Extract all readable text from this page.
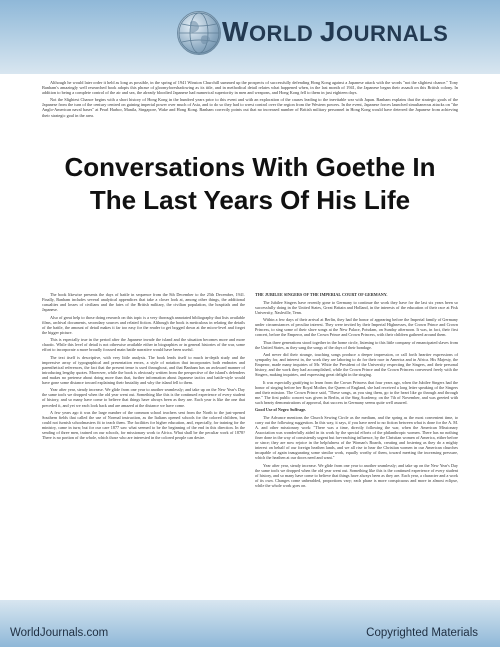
WORLD JOURNALS

Although he would later order it held as long as possible, in the spring of 1941 Winston Churchill summed up the prospects of successfully defending Hong Kong against a Japanese attack with the words "not the slightest chance." Tony Banham's amazingly well researched book adopts this phrase of gloomyforeshadowing as its title, and in methodical detail relates what happened when, in the last month of 1941, the Japanese began their assault on this British colony. In addition to being a complete control of the air and sea, the already bloodied Japanese had numerical superiority in men and weapons, and Hong Kong fell to them in just eighteen days.

Not the Slightest Chance begins with a short history of Hong Kong in the hundred years prior to this event and with an exploration of the causes leading to the inevitable war with Japan. Banham explains that the strategic goals of the Japanese from the turn of the century centred on gaining imperial power over much of Asia, and to do so they had to wrest control over the region from the Western powers. In the event, Japanese forces launched simultaneous attacks on "the Anglo-American naval bases" at Pearl Harbor, Manila, Singapore, Wake and Hong Kong. Banham correctly points out that no increased number of British military personnel in Hong Kong would have deterred the Japanese from achieving their strategic goal in the area.

Conversations With Goethe In
The Last Years Of His Life

The book likewise presents the days of battle in sequence from the 8th December to the 25th December, 1941. Finally, Banham includes several analytical appendices that take a closer look at, among other things, the additional casualties and losses of civilians and the fates of the British military, the civilian population, the hospitals and the Japanese.

Also of great help to those doing research on this topic is a very thorough annotated bibliography that lists available films, archival documents, secondary sources and related fiction. Although the book is meticulous in relating the details of the battle, the amount of detail makes it far too easy for the reader to get bogged down at the micro-level and forget the bigger picture.

This is especially true in the period after the Japanese invade the island and the situation becomes more and more chaotic. While this level of detail is not otherwise available either in biographies or in general histories of the war, some effort to incorporate a more broadly focused main battle narrative would have been useful.

The text itself is descriptive, with very little analysis. The book lends itself to much in-depth study and the impressive array of typographical and presentation errors, a style of notation that incorporates both endnotes and parenthetical references, the fact that the present tense is used throughout, and that Banham has an awkward manner of introducing lengthy quotes. Moreover, while the book is obviously written from the perspective of the island's defenders and makes no pretense about doing more than that, further information about Japanese tactics and battle-style would have gone some distance toward explaining their brutality and why the island fell to them.

Year after year, steady increase. We glide from one year to another seamlessly; and take up on the New Year's Day the same tools we dropped when the old year went out. Something like this is the continued experience of every student of history, and so many have come to believe that things have always been as they are. Each year is like the one that preceded it, and yet we each look back and are amazed at the distance we have come.

A few years ago it was the large number of the common school teachers sent from the North to the just-opened Southern fields that called the use of Normal instruction, as the Italians opened schools for the colored children, but could not furnish schoolmasters fit to teach them. The facilities for higher education, and, especially, for training for the ministry, came in turn; but for our care 1877 saw what seemed to be the beginning of the end in this direction. In the sending of three men, trained on our schools, for missionary work to Africa. What shall be the peculiar work of 1878? There is no portion of the whole, which those who are interested in the colored people can desire.

THE JUBILEE SINGERS OF THE IMPERIAL COURT OF GERMANY.

The Jubilee Singers have recently gone to Germany to continue the work they have for the last six years been so successfully doing in the United States, Great Britain and Holland, in the interests of the education of their race at Fisk University, Nashville, Tenn.

Within a few days of their arrival at Berlin, they had the honor of appearing before the Imperial family of Germany under circumstances of peculiar interest. They were invited by their Imperial Highnesses, the Crown Prince and Crown Princess, to sing some of their slave songs at the New Palace, Potsdam, on Sunday afternoon. It was, in fact, their first concert, before the Emperor, and the Crown Prince and Crown Princess, with their children gathered around them.

Thus three generations stood together in the home circle, listening to this little company of emancipated slaves from the United States, as they sang the songs of the days of their bondage.

And never did their strange, touching songs produce a deeper impression, or call forth heartier expressions of sympathy for, and interest in, the work they are laboring to do for their race in America and in Africa. His Majesty, the Emperor, made many inquiries of Mr. White the President of the University respecting the Singers, and their personal history, and the work they had accomplished, while the Crown Prince and the Crown Princess conversed freely with the Singers, making inquiries, and expressing great delight in the singing.

It was especially gratifying to learn from the Crown Princess that four years ago, when the Jubilee Singers had the honor of singing before her Royal Mother, the Queen of England, she had received a long letter speaking of the Singers and their mission. The Crown Prince said, "These songs, as you sing them, go to the heart like go through and through me." The first public concert was given in Berlin, at the Sing Academy, on the 7th of November, and was greeted with such hearty demonstrations of approval, that success in Germany seems quite well assured.

Good Use of Negro Suffrage.

The Advance mentions the Church Sewing Circle as the medium, and the spring as the most convenient time, to carry out the following suggestion. In this way, it says, if you have need to no fiction between what is done for the A. M. A. and other missionary work: "There was a time, directly following the war, when the American Missionary Association was wonderfully aided in its work by the special efforts of the philanthropic women. There has no nothing finer done in the way of consistently urgent but far-reaching influence, by the Christian women of America, either before or since; they are now rejoice in the helpfulness of the Woman's Boards, creating and fostering as they do a mighty interest on behalf of our foreign heathen lands, and we all rise to hear the Christian women in our American churches incapable of again inaugurating some similar work, equally worthy of them, toward meeting the increasing pressure, which the heathen at our doors need and want."

Year after year, steady increase. We glide from one year to another seamlessly; and take up on the New Year's Day the same tools we dropped when the old year went out. Something like this is the continued experience of every student of history, and so many have come to believe that things have always been as they are. Each year, a character and a work of its own. Changes come unheralded, proportions vary; each phase is more conspicuous and more in almost eclipse, while the whole work goes on.

WorldJournals.com	Copyrighted Materials
